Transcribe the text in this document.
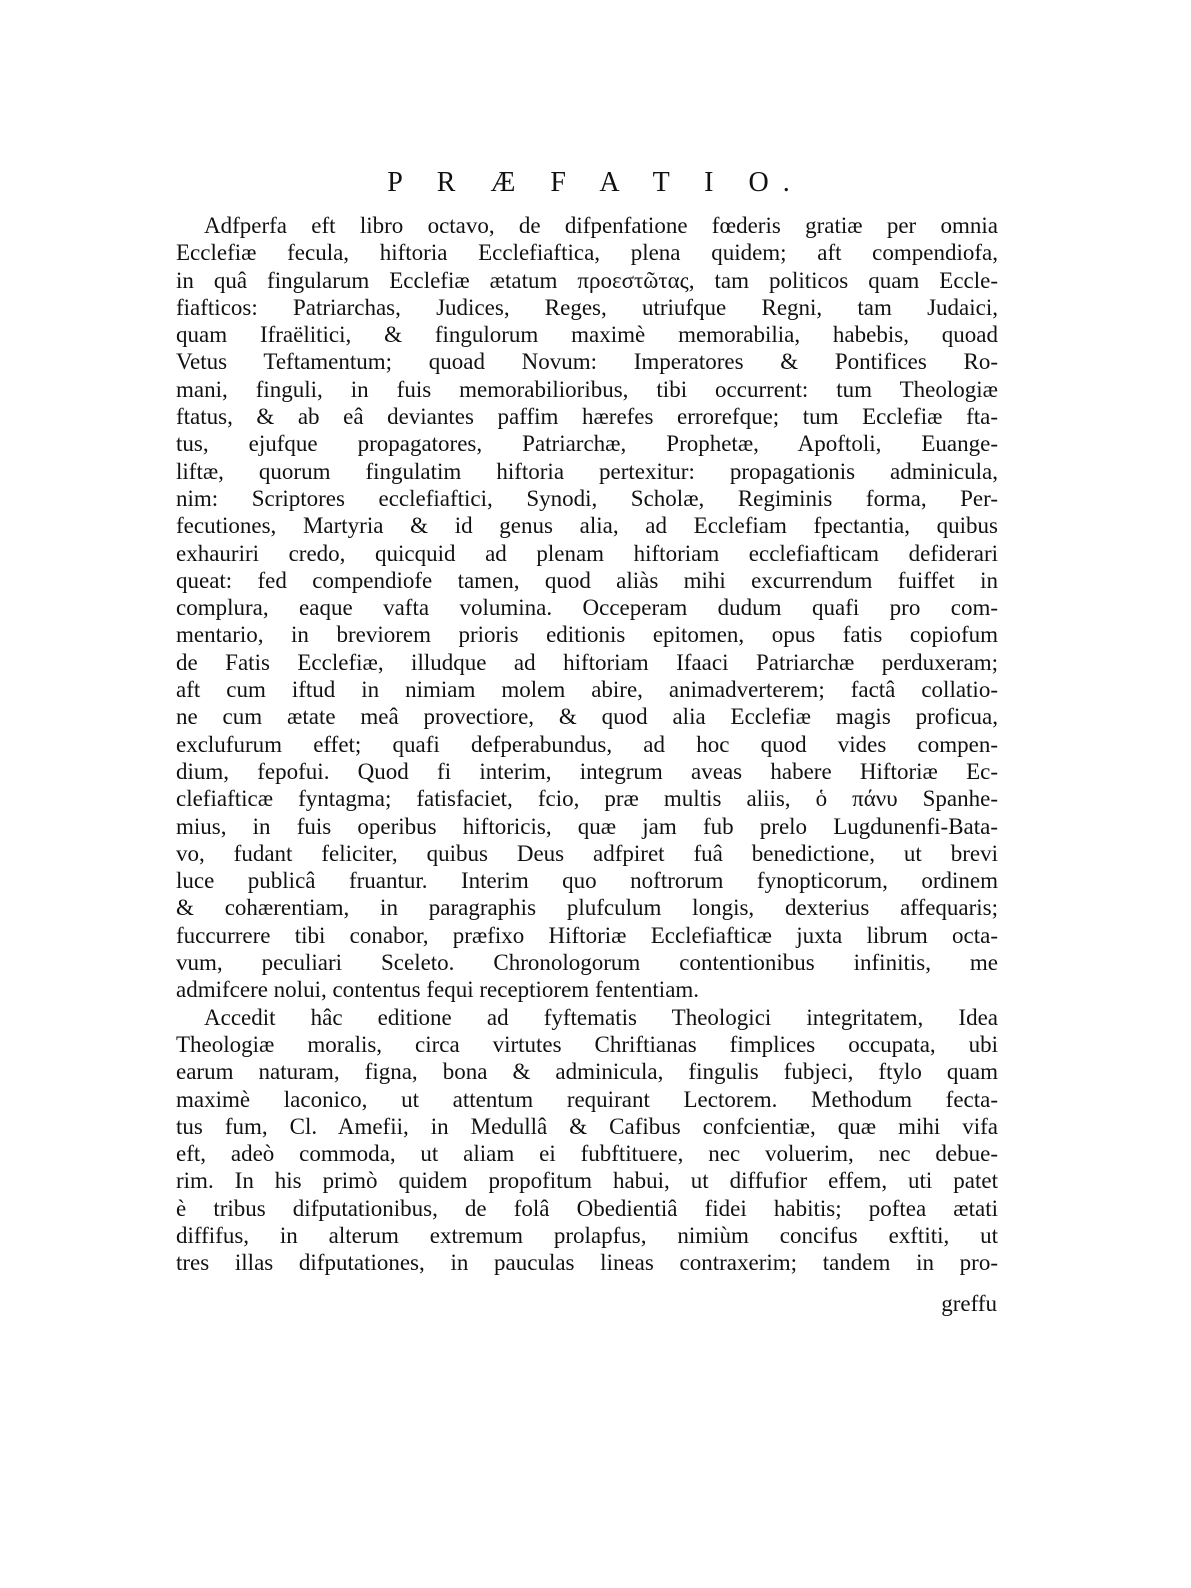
P R Æ F A T I O.
Adfperfa eft libro octavo, de difpenfatione fœderis gratiæ per omnia
Ecclefiæ fecula, hiftoria Ecclefiaftica, plena quidem; aft compendiofa,
in quâ fingularum Ecclefiæ ætatum προεστῶτας, tam politicos quam Eccle-
fiafticos: Patriarchas, Judices, Reges, utriufque Regni, tam Judaici,
quam Ifraëlitici, & fingulorum maximè memorabilia, habebis, quoad
Vetus Teftamentum; quoad Novum: Imperatores & Pontifices Ro-
mani, finguli, in fuis memorabilioribus, tibi occurrent: tum Theologiæ
ftatus, & ab eâ deviantes paffim hærefes errorefque; tum Ecclefiæ fta-
tus, ejufque propagatores, Patriarchæ, Prophetæ, Apoftoli, Euange-
liftæ, quorum fingulatim hiftoria pertexitur: propagationis adminicula,
nim: Scriptores ecclefiaftici, Synodi, Scholæ, Regiminis forma, Per-
fecutiones, Martyria & id genus alia, ad Ecclefiam fpectantia, quibus
exhauriri credo, quicquid ad plenam hiftoriam ecclefiafticam defiderari
queat: fed compendiofe tamen, quod aliàs mihi excurrendum fuiffet in
complura, eaque vafta volumina. Occeperam dudum quafi pro com-
mentario, in breviorem prioris editionis epitomen, opus fatis copiofum
de Fatis Ecclefiæ, illudque ad hiftoriam Ifaaci Patriarchæ perduxeram;
aft cum iftud in nimiam molem abire, animadverterem; factâ collatio-
ne cum ætate meâ provectiore, & quod alia Ecclefiæ magis proficua,
exclufurum effet; quafi defperabundus, ad hoc quod vides compen-
dium, fepofui. Quod fi interim, integrum aveas habere Hiftoriæ Ec-
clefiafticæ fyntagma; fatisfaciet, fcio, præ multis aliis, ὁ πάνυ Spanhe-
mius, in fuis operibus hiftoricis, quæ jam fub prelo Lugdunenfi-Bata-
vo, fudant feliciter, quibus Deus adfpiret fuâ benedictione, ut brevi
luce publicâ fruantur. Interim quo noftrorum fynopticorum, ordinem
& cohærentiam, in paragraphis plufculum longis, dexterius affequaris;
fuccurrere tibi conabor, præfixo Hiftoriæ Ecclefiafticæ juxta librum octa-
vum, peculiari Sceleto. Chronologorum contentionibus infinitis, me
admifcere nolui, contentus fequi receptiorem fententiam.
Accedit hâc editione ad fyftematis Theologici integritatem, Idea
Theologiæ moralis, circa virtutes Chriftianas fimplices occupata, ubi
earum naturam, figna, bona & adminicula, fingulis fubjeci, ftylo quam
maximè laconico, ut attentum requirant Lectorem. Methodum fecta-
tus fum, Cl. Amefii, in Medullâ & Cafibus confcientiæ, quæ mihi vifa
eft, adeò commoda, ut aliam ei fubftituere, nec voluerim, nec debue-
rim. In his primò quidem propofitum habui, ut diffufior effem, uti patet
è tribus difputationibus, de folâ Obedientiâ fidei habitis; poftea ætati
diffifus, in alterum extremum prolapfus, nimiùm concifus exftiti, ut
tres illas difputationes, in pauculas lineas contraxerim; tandem in pro-

greffu
